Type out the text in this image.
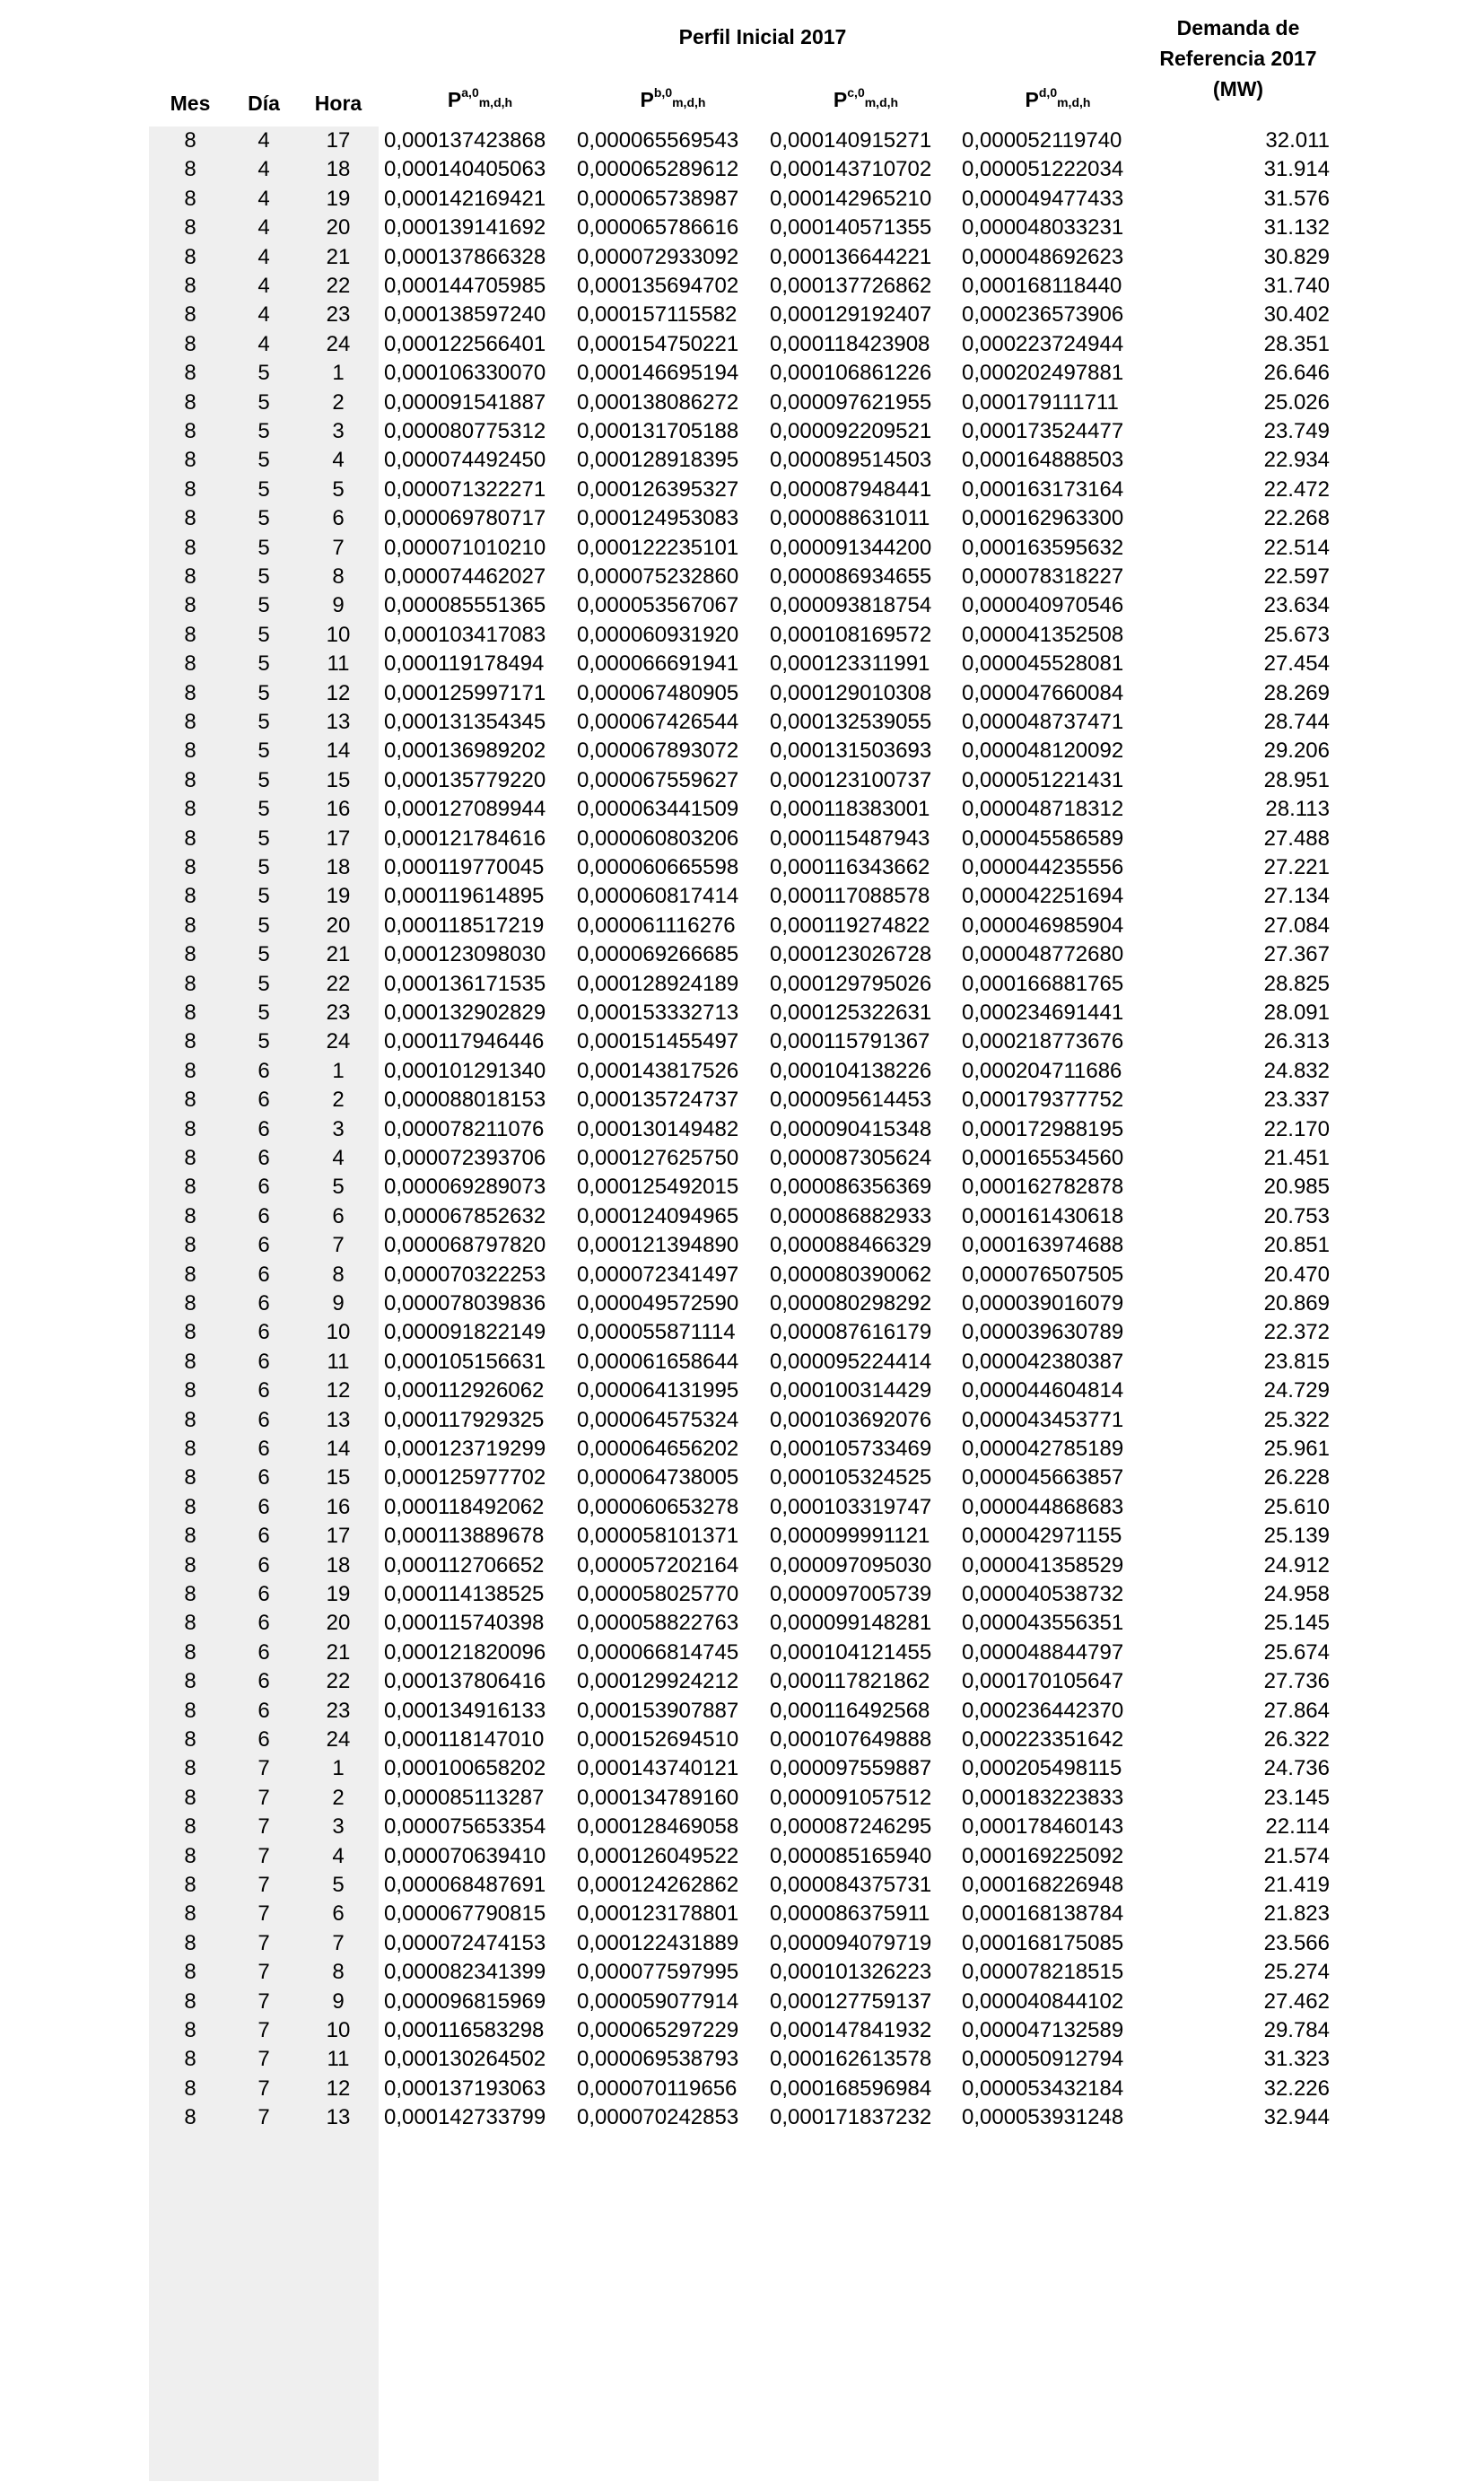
Perfil Inicial 2017	Demanda de
Referencia 2017
(MW)
Mes	Día	Hora	P$^{a,0}$m,d,h	P$^{b,0}$m,d,h	P$^{c,0}$m,d,h	P$^{d,0}$m,d,h
8	4	17	0,000137423868 0,000065569543 0,000140915271 0,000052119740	32.011
8	4	18	0,000140405063 0,000065289612 0,000143710702 0,000051222034	31.914
8	4	19	0,000142169421 0,000065738987 0,000142965210 0,000049477433	31.576
8	4	20	0,000139141692 0,000065786616 0,000140571355 0,000048033231	31.132
8	4	21	0,000137866328 0,000072933092 0,000136644221 0,000048692623	30.829
8	4	22	0,000144705985 0,000135694702 0,000137726862 0,000168118440	31.740
8	4	23	0,000138597240 0,000157115582 0,000129192407 0,000236573906	30.402
8	4	24	0,000122566401 0,000154750221 0,000118423908 0,000223724944	28.351
8	5	1	0,000106330070 0,000146695194 0,000106861226 0,000202497881	26.646
8	5	2	0,000091541887 0,000138086272 0,000097621955 0,000179111711	25.026
8	5	3	0,000080775312 0,000131705188 0,000092209521 0,000173524477	23.749
8	5	4	0,000074492450 0,000128918395 0,000089514503 0,000164888503	22.934
8	5	5	0,000071322271 0,000126395327 0,000087948441 0,000163173164	22.472
8	5	6	0,000069780717 0,000124953083 0,000088631011 0,000162963300	22.268
8	5	7	0,000071010210 0,000122235101 0,000091344200 0,000163595632	22.514
8	5	8	0,000074462027 0,000075232860 0,000086934655 0,000078318227	22.597
8	5	9	0,000085551365 0,000053567067 0,000093818754 0,000040970546	23.634
8	5	10	0,000103417083 0,000060931920 0,000108169572 0,000041352508	25.673
8	5	11	0,000119178494 0,000066691941 0,000123311991 0,000045528081	27.454
8	5	12	0,000125997171 0,000067480905 0,000129010308 0,000047660084	28.269
8	5	13	0,000131354345 0,000067426544 0,000132539055 0,000048737471	28.744
8	5	14	0,000136989202 0,000067893072 0,000131503693 0,000048120092	29.206
8	5	15	0,000135779220 0,000067559627 0,000123100737 0,000051221431	28.951
8	5	16	0,000127089944 0,000063441509 0,000118383001 0,000048718312	28.113
8	5	17	0,000121784616 0,000060803206 0,000115487943 0,000045586589	27.488
8	5	18	0,000119770045 0,000060665598 0,000116343662 0,000044235556	27.221
8	5	19	0,000119614895 0,000060817414 0,000117088578 0,000042251694	27.134
8	5	20	0,000118517219 0,000061116276 0,000119274822 0,000046985904	27.084
8	5	21	0,000123098030 0,000069266685 0,000123026728 0,000048772680	27.367
8	5	22	0,000136171535 0,000128924189 0,000129795026 0,000166881765	28.825
8	5	23	0,000132902829 0,000153332713 0,000125322631 0,000234691441	28.091
8	5	24	0,000117946446 0,000151455497 0,000115791367 0,000218773676	26.313
8	6	1	0,000101291340 0,000143817526 0,000104138226 0,000204711686	24.832
8	6	2	0,000088018153 0,000135724737 0,000095614453 0,000179377752	23.337
8	6	3	0,000078211076 0,000130149482 0,000090415348 0,000172988195	22.170
8	6	4	0,000072393706 0,000127625750 0,000087305624 0,000165534560	21.451
8	6	5	0,000069289073 0,000125492015 0,000086356369 0,000162782878	20.985
8	6	6	0,000067852632 0,000124094965 0,000086882933 0,000161430618	20.753
8	6	7	0,000068797820 0,000121394890 0,000088466329 0,000163974688	20.851
8	6	8	0,000070322253 0,000072341497 0,000080390062 0,000076507505	20.470
8	6	9	0,000078039836 0,000049572590 0,000080298292 0,000039016079	20.869
8	6	10	0,000091822149 0,000055871114 0,000087616179 0,000039630789	22.372
8	6	11	0,000105156631 0,000061658644 0,000095224414 0,000042380387	23.815
8	6	12	0,000112926062 0,000064131995 0,000100314429 0,000044604814	24.729
8	6	13	0,000117929325 0,000064575324 0,000103692076 0,000043453771	25.322
8	6	14	0,000123719299 0,000064656202 0,000105733469 0,000042785189	25.961
8	6	15	0,000125977702 0,000064738005 0,000105324525 0,000045663857	26.228
8	6	16	0,000118492062 0,000060653278 0,000103319747 0,000044868683	25.610
8	6	17	0,000113889678 0,000058101371 0,000099991121 0,000042971155	25.139
8	6	18	0,000112706652 0,000057202164 0,000097095030 0,000041358529	24.912
8	6	19	0,000114138525 0,000058025770 0,000097005739 0,000040538732	24.958
8	6	20	0,000115740398 0,000058822763 0,000099148281 0,000043556351	25.145
8	6	21	0,000121820096 0,000066814745 0,000104121455 0,000048844797	25.674
8	6	22	0,000137806416 0,000129924212 0,000117821862 0,000170105647	27.736
8	6	23	0,000134916133 0,000153907887 0,000116492568 0,000236442370	27.864
8	6	24	0,000118147010 0,000152694510 0,000107649888 0,000223351642	26.322
8	7	1	0,000100658202 0,000143740121 0,000097559887 0,000205498115	24.736
8	7	2	0,000085113287 0,000134789160 0,000091057512 0,000183223833	23.145
8	7	3	0,000075653354 0,000128469058 0,000087246295 0,000178460143	22.114
8	7	4	0,000070639410 0,000126049522 0,000085165940 0,000169225092	21.574
8	7	5	0,000068487691 0,000124262862 0,000084375731 0,000168226948	21.419
8	7	6	0,000067790815 0,000123178801 0,000086375911 0,000168138784	21.823
8	7	7	0,000072474153 0,000122431889 0,000094079719 0,000168175085	23.566
8	7	8	0,000082341399 0,000077597995 0,000101326223 0,000078218515	25.274
8	7	9	0,000096815969 0,000059077914 0,000127759137 0,000040844102	27.462
8	7	10	0,000116583298 0,000065297229 0,000147841932 0,000047132589	29.784
8	7	11	0,000130264502 0,000069538793 0,000162613578 0,000050912794	31.323
8	7	12	0,000137193063 0,000070119656 0,000168596984 0,000053432184	32.226
8	7	13	0,000142733799 0,000070242853 0,000171837232 0,000053931248	32.944
